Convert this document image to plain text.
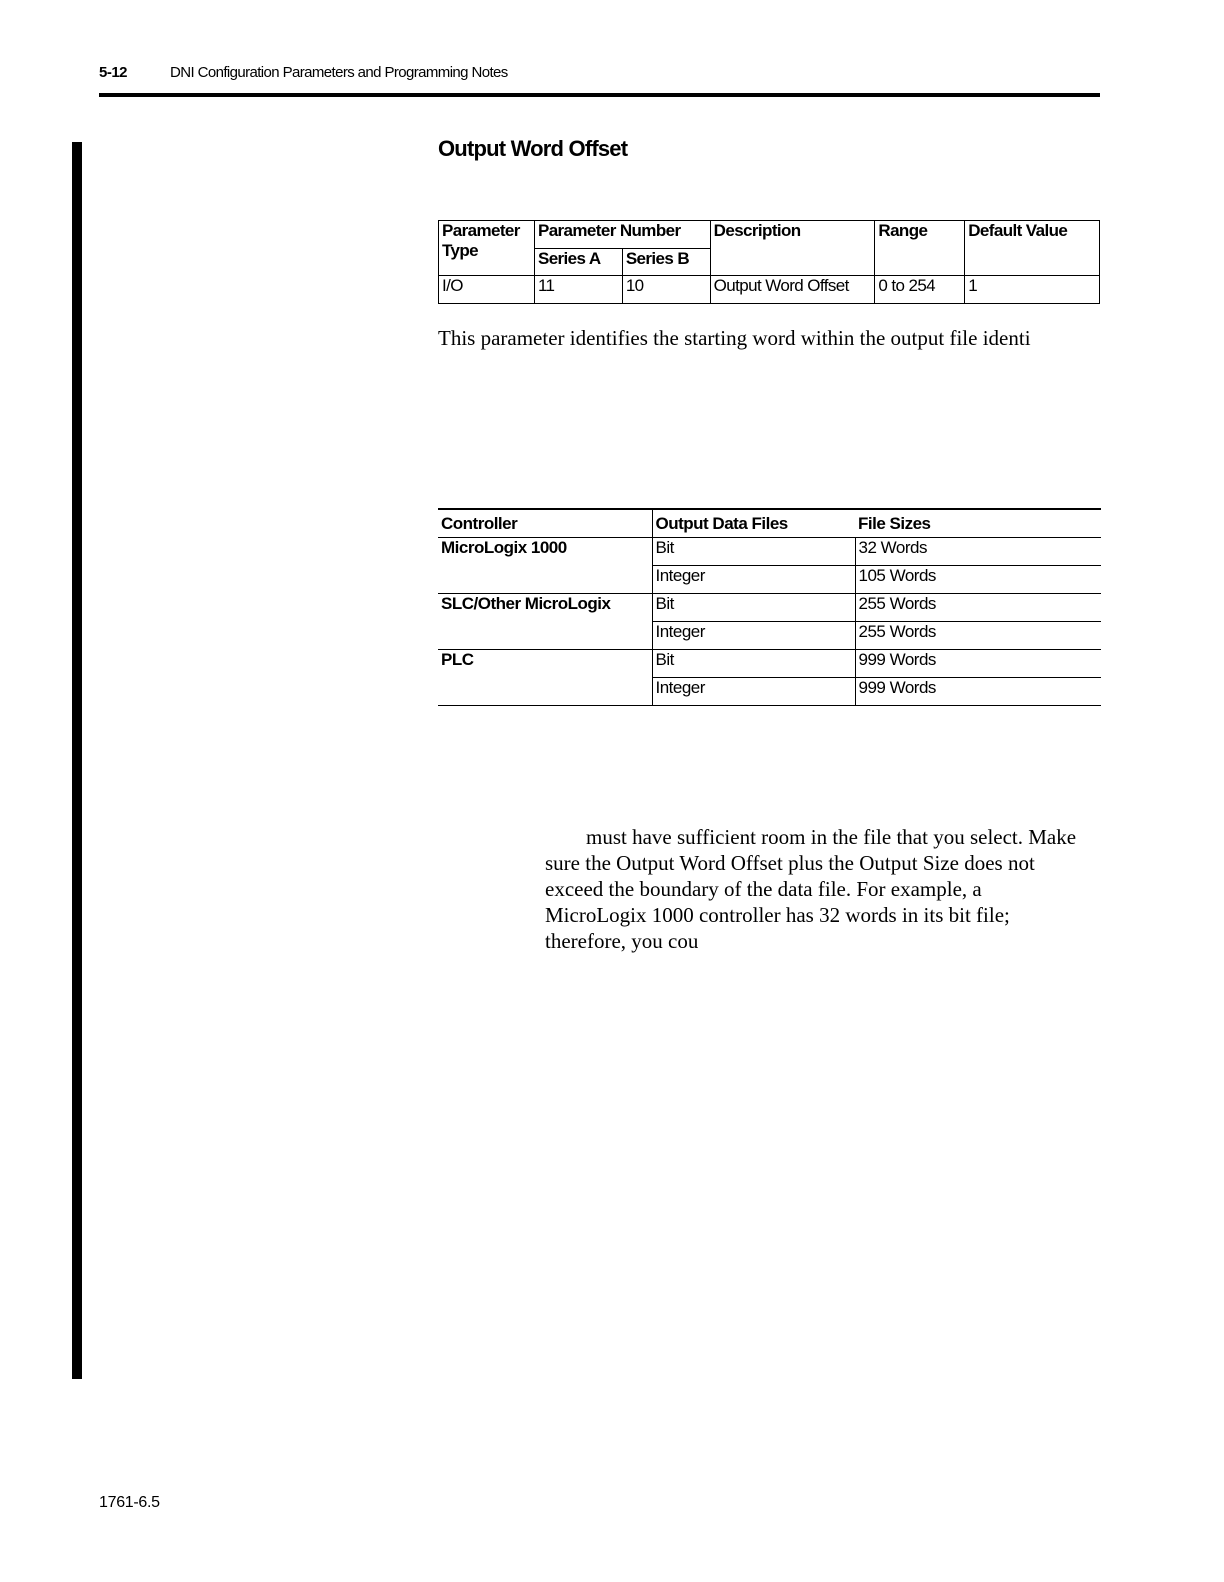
5-12	DNI Configuration Parameters and Programming Notes
Output Word Offset
Parameter Type	Parameter Number		Description	Range	Default Value
	Series A	Series B			
I/O	11	10	Output Word Offset	0 to 254	1
This parameter identifies the starting word within the output file identi
Controller	Output Data Files	File Sizes
MicroLogix 1000	Bit	32 Words
	Integer	105 Words
SLC/Other MicroLogix	Bit	255 Words
	Integer	255 Words
PLC	Bit	999 Words
	Integer	999 Words
must have sufficient room in the file that you select. Make
sure the Output Word Offset plus the Output Size does not
exceed the boundary of the data file. For example, a
MicroLogix 1000 controller has 32 words in its bit file;
therefore, you cou
1761-6.5
